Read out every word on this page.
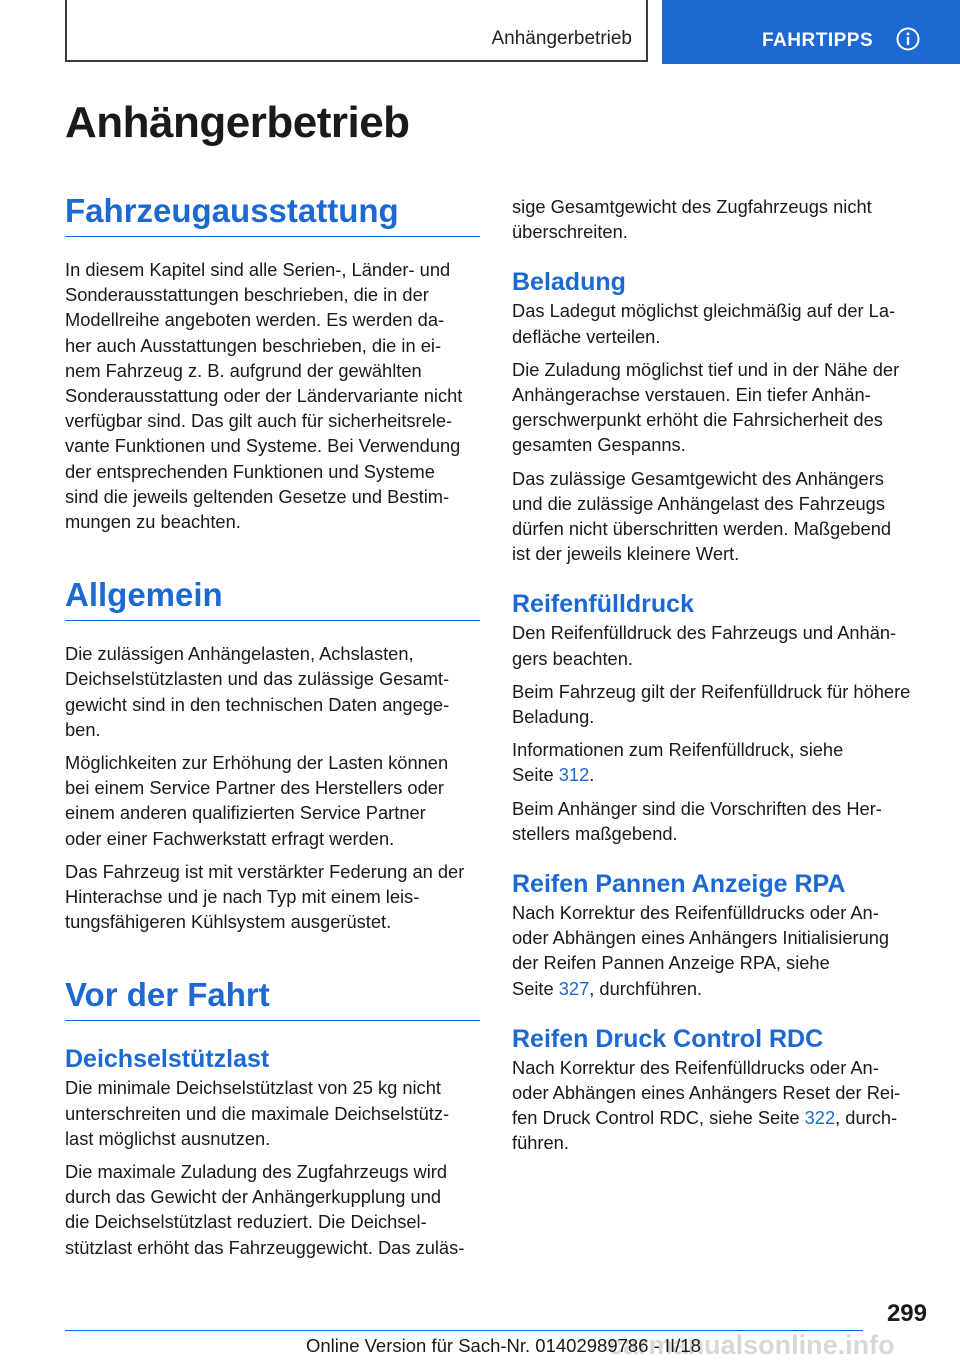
Anhängerbetrieb	FAHRTIPPS
Anhängerbetrieb
Fahrzeugausstattung

In diesem Kapitel sind alle Serien-, Länder- und
Sonderausstattungen beschrieben, die in der
Modellreihe angeboten werden. Es werden da-
her auch Ausstattungen beschrieben, die in ei-
nem Fahrzeug z. B. aufgrund der gewählten
Sonderausstattung oder der Ländervariante nicht
verfügbar sind. Das gilt auch für sicherheitsrele-
vante Funktionen und Systeme. Bei Verwendung
der entsprechenden Funktionen und Systeme
sind die jeweils geltenden Gesetze und Bestim-
mungen zu beachten.

Allgemein

Die zulässigen Anhängelasten, Achslasten,
Deichselstützlasten und das zulässige Gesamt-
gewicht sind in den technischen Daten angege-
ben.

Möglichkeiten zur Erhöhung der Lasten können
bei einem Service Partner des Herstellers oder
einem anderen qualifizierten Service Partner
oder einer Fachwerkstatt erfragt werden.

Das Fahrzeug ist mit verstärkter Federung an der
Hinterachse und je nach Typ mit einem leis-
tungsfähigeren Kühlsystem ausgerüstet.

Vor der Fahrt
Deichselstützlast

Die minimale Deichselstützlast von 25 kg nicht
unterschreiten und die maximale Deichselstütz-
last möglichst ausnutzen.

Die maximale Zuladung des Zugfahrzeugs wird
durch das Gewicht der Anhängerkupplung und
die Deichselstützlast reduziert. Die Deichsel-
stützlast erhöht das Fahrzeuggewicht. Das zuläs-

sige Gesamtgewicht des Zugfahrzeugs nicht
überschreiten.

Beladung

Das Ladegut möglichst gleichmäßig auf der La-
defläche verteilen.

Die Zuladung möglichst tief und in der Nähe der
Anhängerachse verstauen. Ein tiefer Anhän-
gerschwerpunkt erhöht die Fahrsicherheit des
gesamten Gespanns.

Das zulässige Gesamtgewicht des Anhängers
und die zulässige Anhängelast des Fahrzeugs
dürfen nicht überschritten werden. Maßgebend
ist der jeweils kleinere Wert.

Reifenfülldruck

Den Reifenfülldruck des Fahrzeugs und Anhän-
gers beachten.

Beim Fahrzeug gilt der Reifenfülldruck für höhere
Beladung.

Informationen zum Reifenfülldruck, siehe
Seite 312.

Beim Anhänger sind die Vorschriften des Her-
stellers maßgebend.

Reifen Pannen Anzeige RPA

Nach Korrektur des Reifenfülldrucks oder An-
oder Abhängen eines Anhängers Initialisierung
der Reifen Pannen Anzeige RPA, siehe
Seite 327, durchführen.

Reifen Druck Control RDC

Nach Korrektur des Reifenfülldrucks oder An-
oder Abhängen eines Anhängers Reset der Rei-
fen Druck Control RDC, siehe Seite 322, durch-
führen.

299
carmanualsonline.info
Online Version für Sach-Nr. 01402989786 - II/18
